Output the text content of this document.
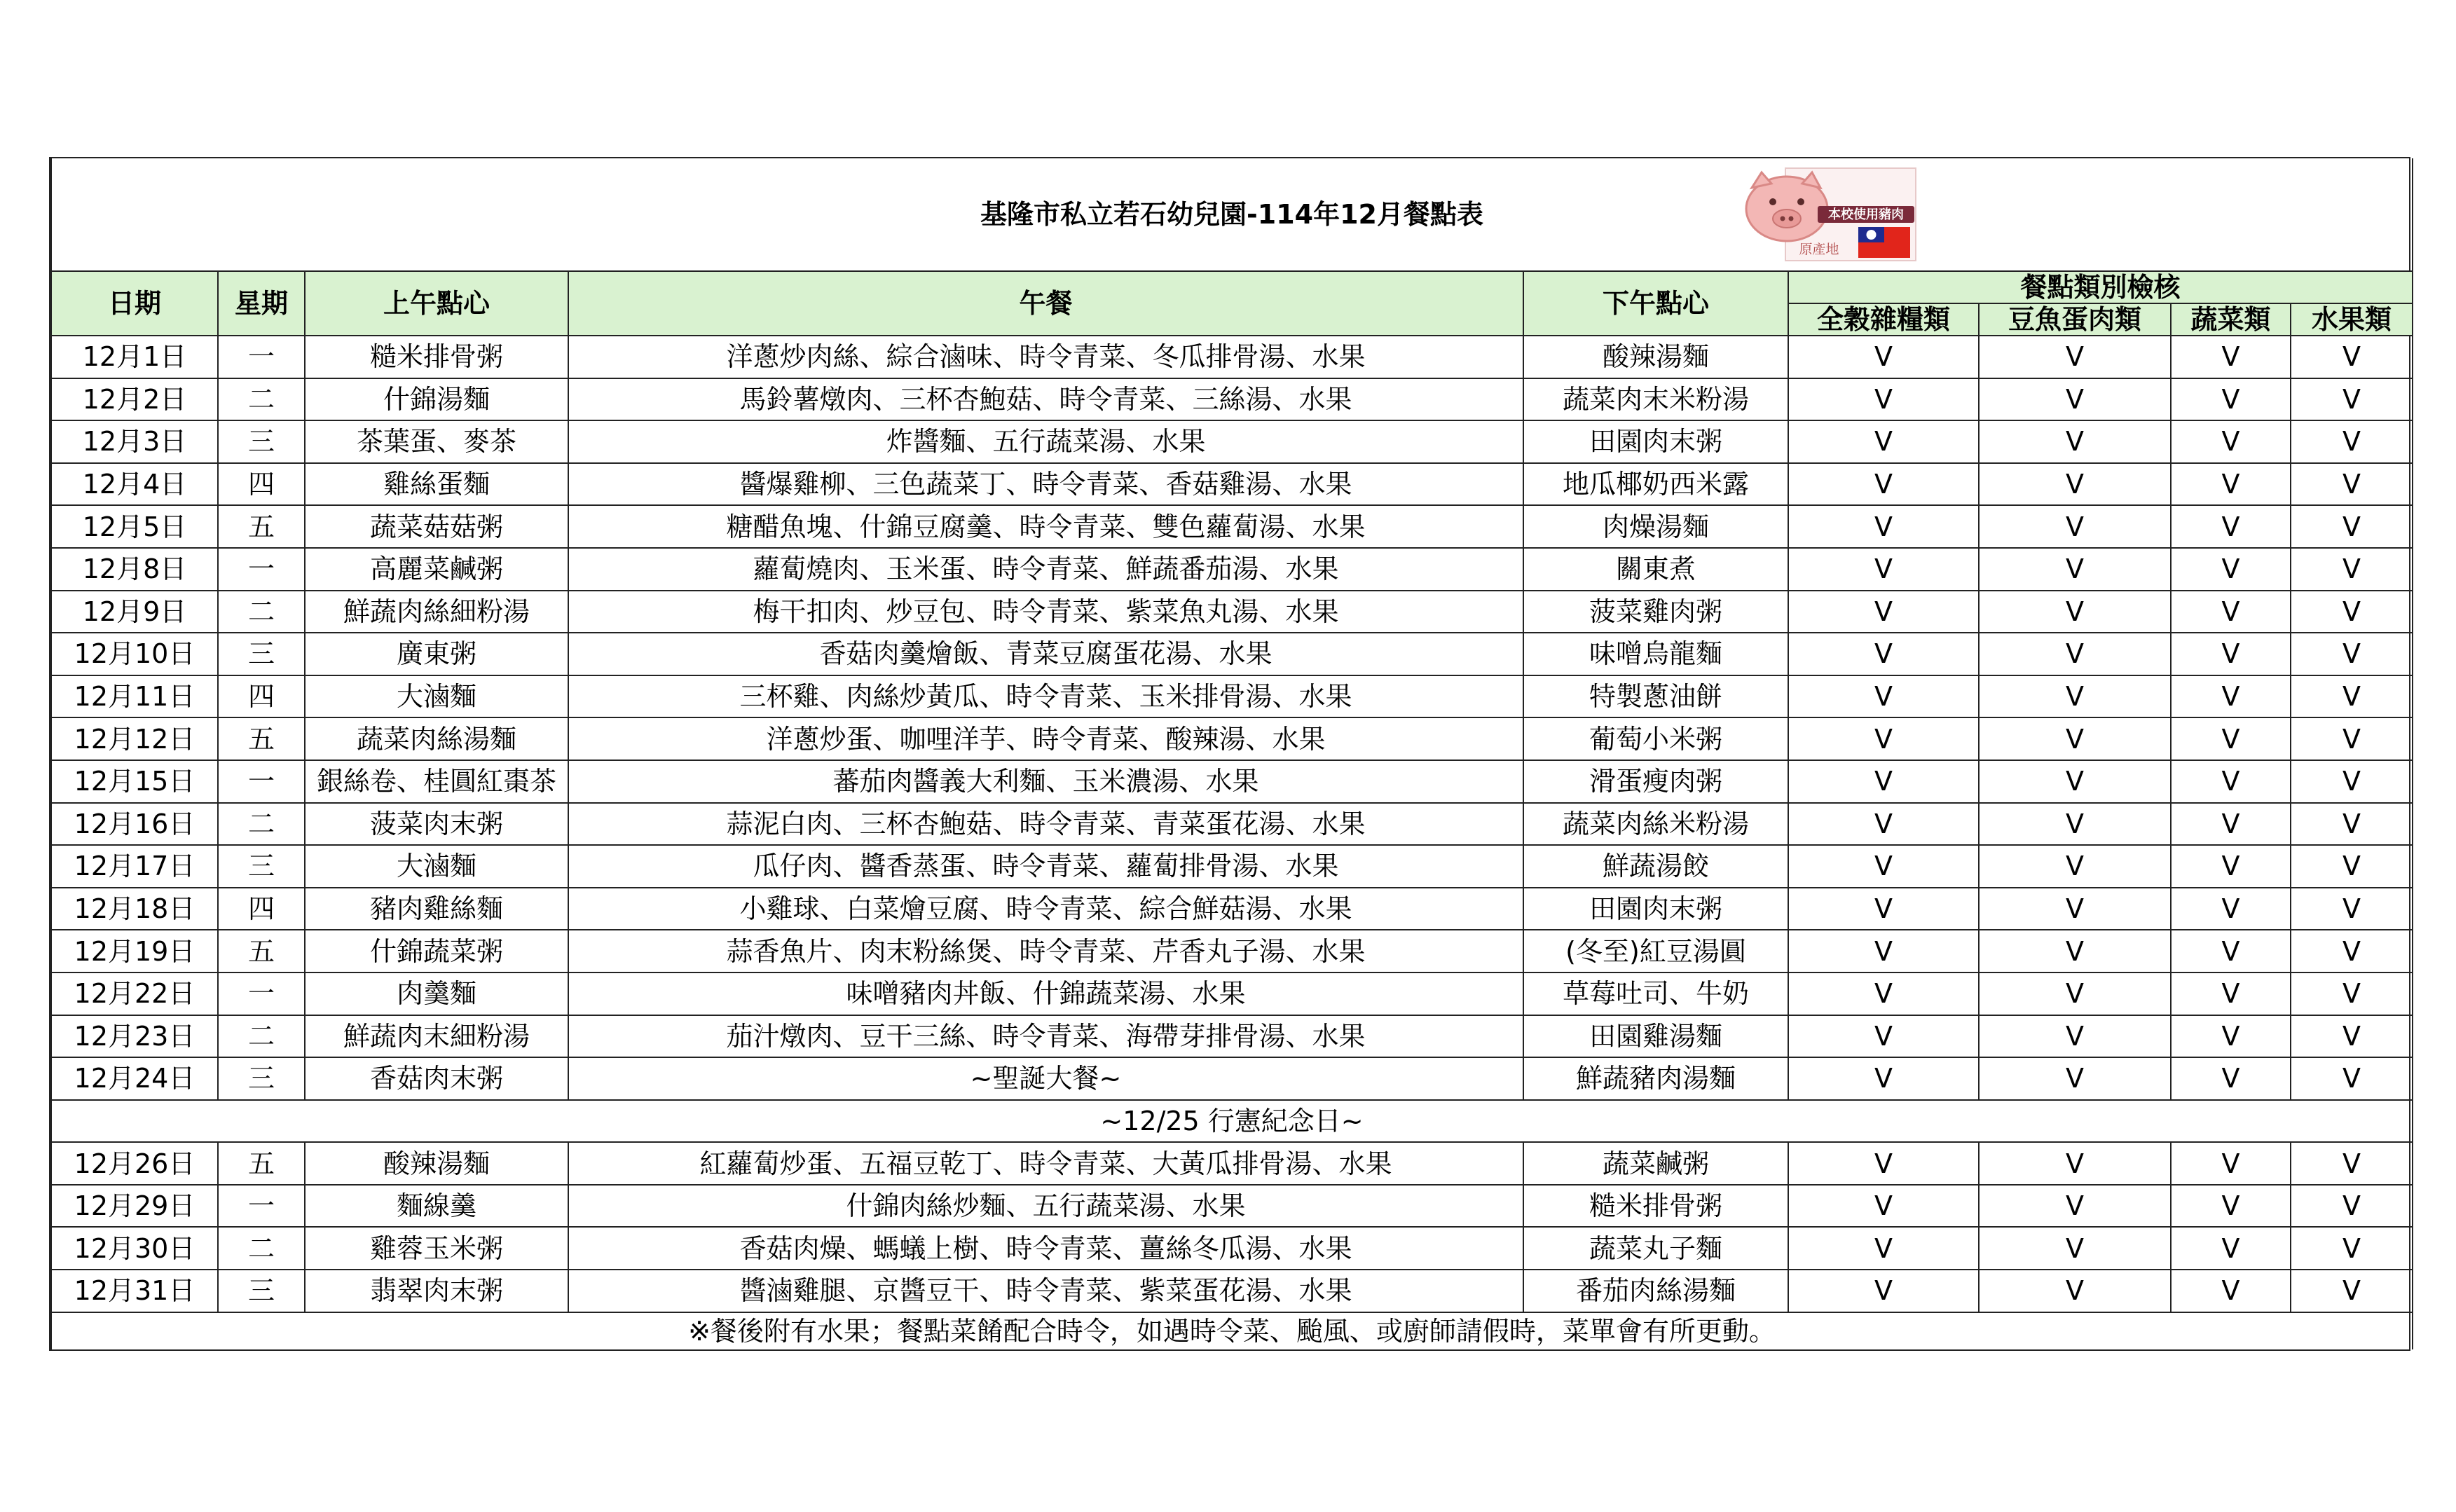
基隆市私立若石幼兒園-114年12月餐點表 本校使用豬肉
原產地								

日期	星期	上午點心	午餐	下午點心	餐點類別檢核			
					全穀雜糧類	豆魚蛋肉類	蔬菜類	水果類
12月1日	一	糙米排骨粥	洋蔥炒肉絲、綜合滷味、時令青菜、冬瓜排骨湯、水果	酸辣湯麵	V	V	V	V
12月2日	二	什錦湯麵	馬鈴薯燉肉、三杯杏鮑菇、時令青菜、三絲湯、水果	蔬菜肉末米粉湯	V	V	V	V
12月3日	三	茶葉蛋、麥茶	炸醬麵、五行蔬菜湯、水果	田園肉末粥	V	V	V	V
12月4日	四	雞絲蛋麵	醬爆雞柳、三色蔬菜丁、時令青菜、香菇雞湯、水果	地瓜椰奶西米露	V	V	V	V
12月5日	五	蔬菜菇菇粥	糖醋魚塊、什錦豆腐羹、時令青菜、雙色蘿蔔湯、水果	肉燥湯麵	V	V	V	V
12月8日	一	高麗菜鹹粥	蘿蔔燒肉、玉米蛋、時令青菜、鮮蔬番茄湯、水果	關東煮	V	V	V	V
12月9日	二	鮮蔬肉絲細粉湯	梅干扣肉、炒豆包、時令青菜、紫菜魚丸湯、水果	菠菜雞肉粥	V	V	V	V
12月10日	三	廣東粥	香菇肉羹燴飯、青菜豆腐蛋花湯、水果	味噌烏龍麵	V	V	V	V
12月11日	四	大滷麵	三杯雞、肉絲炒黃瓜、時令青菜、玉米排骨湯、水果	特製蔥油餅	V	V	V	V
12月12日	五	蔬菜肉絲湯麵	洋蔥炒蛋、咖哩洋芋、時令青菜、酸辣湯、水果	葡萄小米粥	V	V	V	V
12月15日	一	銀絲卷、桂圓紅棗茶	蕃茄肉醬義大利麵、玉米濃湯、水果	滑蛋瘦肉粥	V	V	V	V
12月16日	二	菠菜肉末粥	蒜泥白肉、三杯杏鮑菇、時令青菜、青菜蛋花湯、水果	蔬菜肉絲米粉湯	V	V	V	V
12月17日	三	大滷麵	瓜仔肉、醬香蒸蛋、時令青菜、蘿蔔排骨湯、水果	鮮蔬湯餃	V	V	V	V
12月18日	四	豬肉雞絲麵	小雞球、白菜燴豆腐、時令青菜、綜合鮮菇湯、水果	田園肉末粥	V	V	V	V
12月19日	五	什錦蔬菜粥	蒜香魚片、肉末粉絲煲、時令青菜、芹香丸子湯、水果	(冬至)紅豆湯圓	V	V	V	V
12月22日	一	肉羹麵	味噌豬肉丼飯、什錦蔬菜湯、水果	草莓吐司、牛奶	V	V	V	V
12月23日	二	鮮蔬肉末細粉湯	茄汁燉肉、豆干三絲、時令青菜、海帶芽排骨湯、水果	田園雞湯麵	V	V	V	V
12月24日	三	香菇肉末粥	~聖誕大餐~	鮮蔬豬肉湯麵	V	V	V	V
~12/25 行憲紀念日~								
12月26日	五	酸辣湯麵	紅蘿蔔炒蛋、五福豆乾丁、時令青菜、大黃瓜排骨湯、水果	蔬菜鹹粥	V	V	V	V
12月29日	一	麵線羹	什錦肉絲炒麵、五行蔬菜湯、水果	糙米排骨粥	V	V	V	V
12月30日	二	雞蓉玉米粥	香菇肉燥、螞蟻上樹、時令青菜、薑絲冬瓜湯、水果	蔬菜丸子麵	V	V	V	V
12月31日	三	翡翠肉末粥	醬滷雞腿、京醬豆干、時令青菜、紫菜蛋花湯、水果	番茄肉絲湯麵	V	V	V	V
※餐後附有水果；餐點菜餚配合時令，如遇時令菜、颱風、或廚師請假時，菜單會有所更動。								
